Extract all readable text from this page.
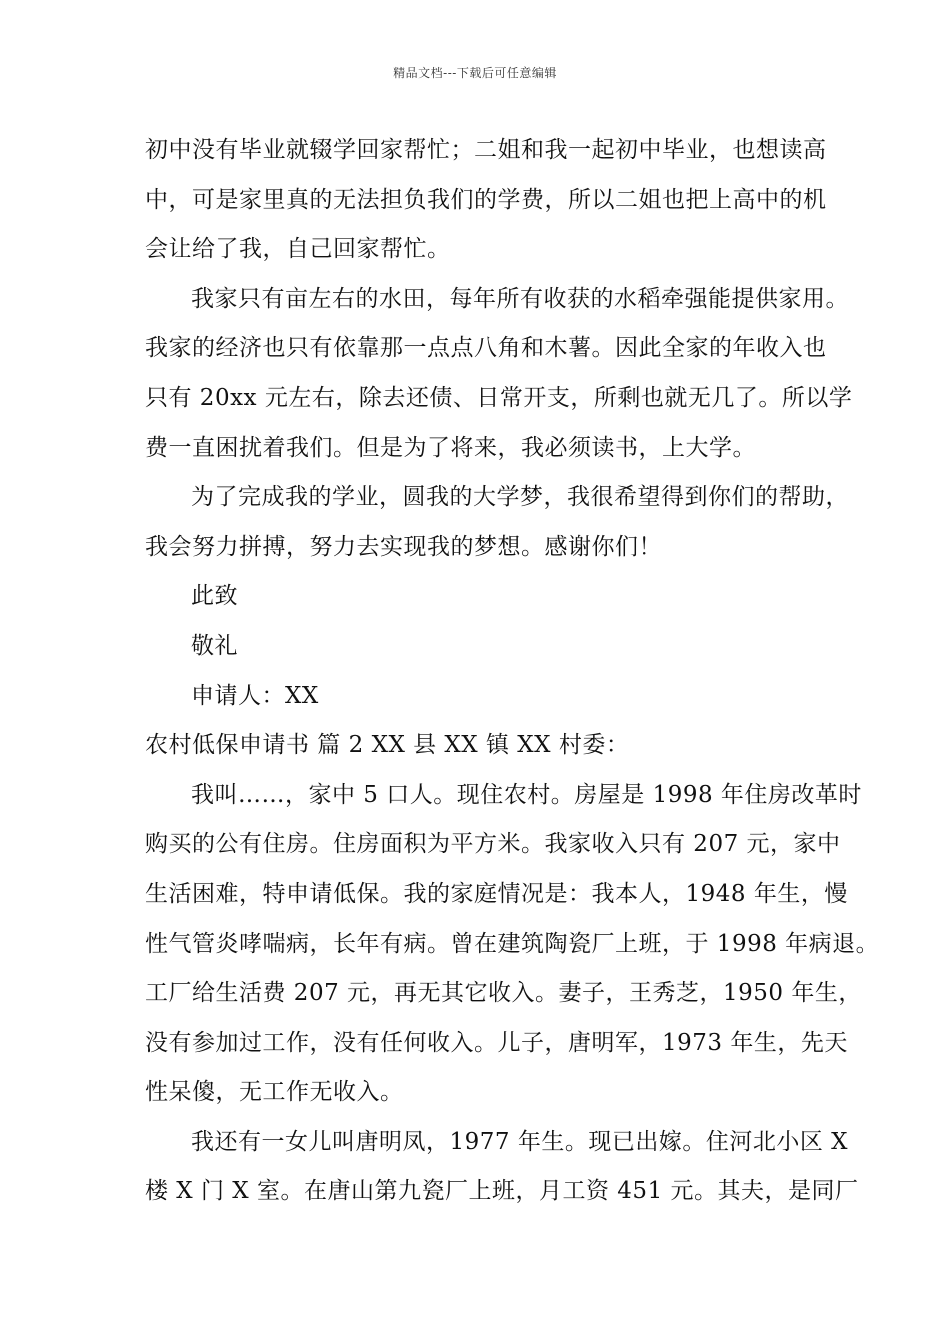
精品文档---下载后可任意编辑
初中没有毕业就辍学回家帮忙；二姐和我一起初中毕业，也想读高
中，可是家里真的无法担负我们的学费，所以二姐也把上高中的机
会让给了我，自己回家帮忙。
我家只有亩左右的水田，每年所有收获的水稻牵强能提供家用。
我家的经济也只有依靠那一点点八角和木薯。因此全家的年收入也
只有 20xx 元左右，除去还债、日常开支，所剩也就无几了。所以学
费一直困扰着我们。但是为了将来，我必须读书，上大学。
为了完成我的学业，圆我的大学梦，我很希望得到你们的帮助，
我会努力拼搏，努力去实现我的梦想。感谢你们！
此致
敬礼
申请人：XX
农村低保申请书 篇 2 XX 县 XX 镇 XX 村委：
我叫……，家中 5 口人。现住农村。房屋是 1998 年住房改革时
购买的公有住房。住房面积为平方米。我家收入只有 207 元，家中
生活困难，特申请低保。我的家庭情况是：我本人，1948 年生，慢
性气管炎哮喘病，长年有病。曾在建筑陶瓷厂上班，于 1998 年病退。
工厂给生活费 207 元，再无其它收入。妻子，王秀芝，1950 年生，
没有参加过工作，没有任何收入。儿子，唐明军，1973 年生，先天
性呆傻，无工作无收入。
我还有一女儿叫唐明凤，1977 年生。现已出嫁。住河北小区 X
楼 X 门 X 室。在唐山第九瓷厂上班，月工资 451 元。其夫，是同厂
